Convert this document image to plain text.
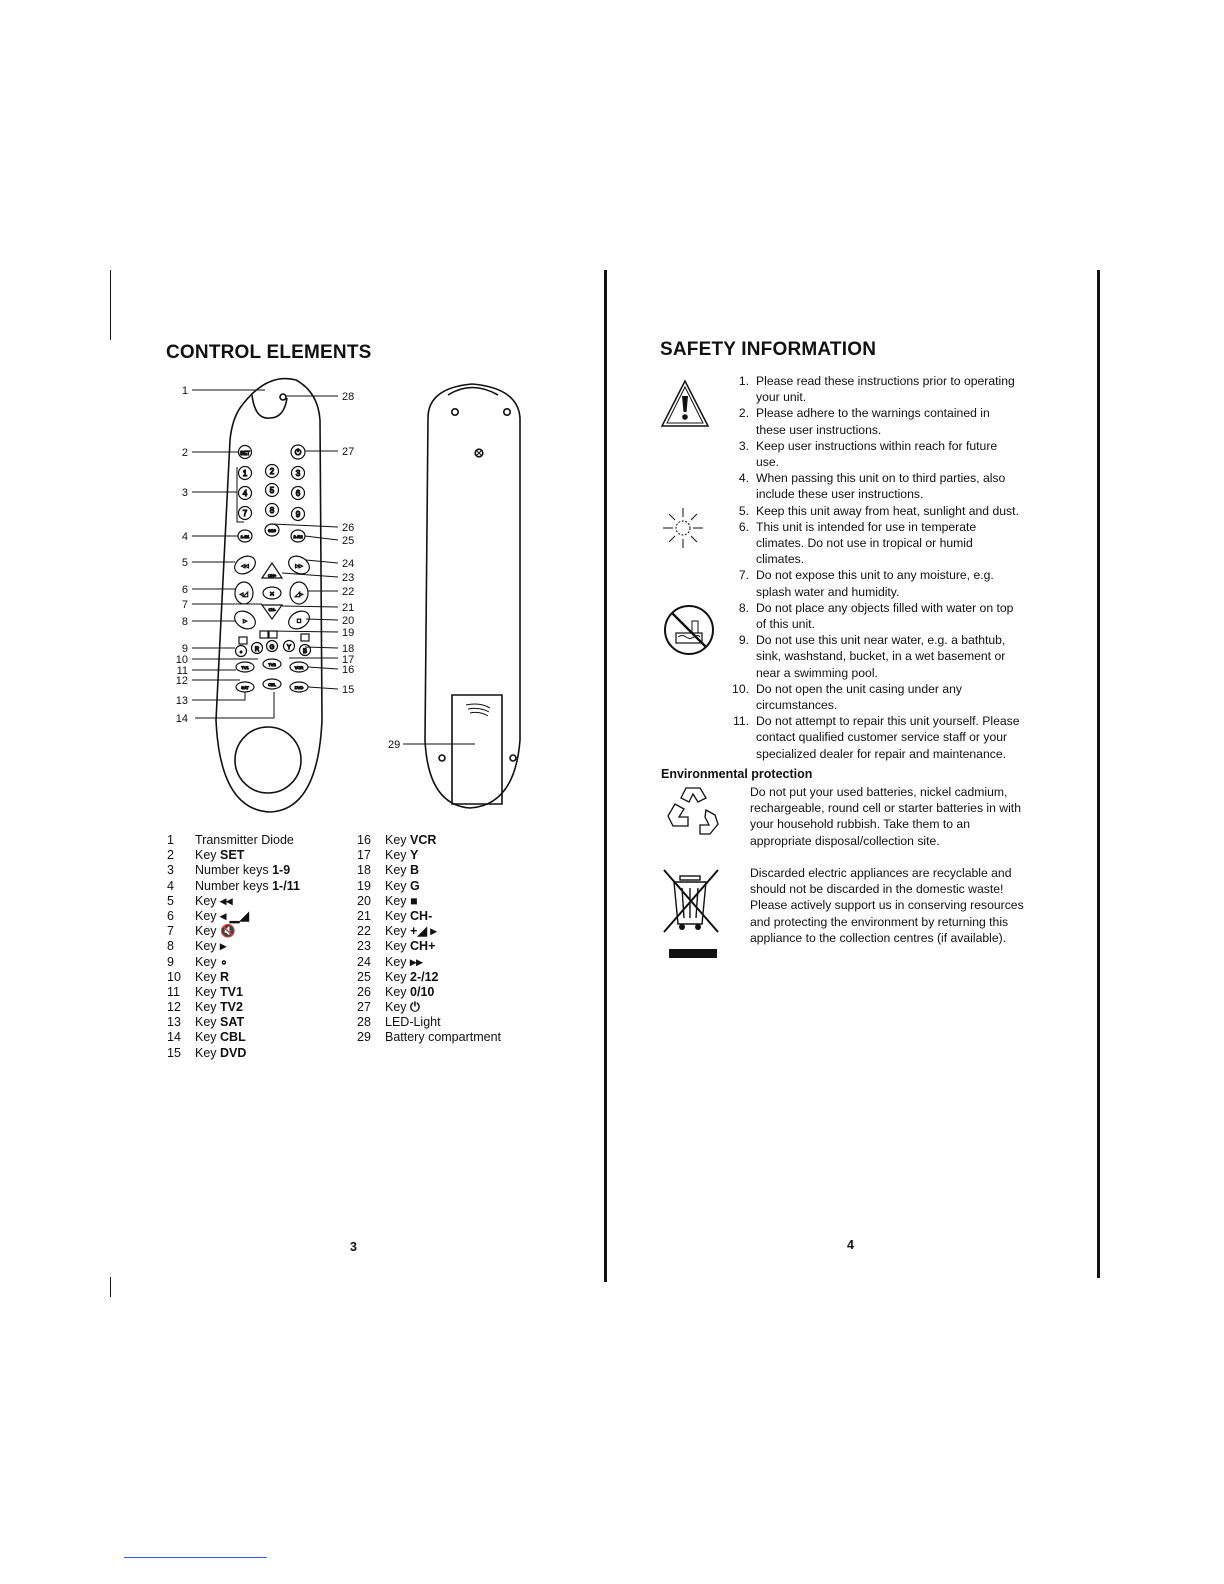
CONTROL ELEMENTS
SET	⏻
1	2	3
4	5	6
7	8	9
1-/11
0/10
2-/12
◂◂	▸▸
CH+
◂◢	✕	◢▸
CH-
▸	■
∘ R G Y
B
TV1
TV2
VCR
SAT
CBL
DVD
1
2
3
4
5
6
7
8
9
10
11
12
13
14
28
27
26
25
24
23
22
21
20
19
18
17
16
15
29
1	Transmitter Diode
2	Key SET
3	Number keys 1-9
4	Number keys 1-/11
5	Key ◂◂
6	Key ◂ ▁◢
7	Key 🔇
8	Key ▸
9	Key ∘
10	Key R
11	Key TV1
12	Key TV2
13	Key SAT
14	Key CBL
15	Key DVD
16	Key VCR
17	Key Y
18	Key B
19	Key G
20	Key ■
21	Key CH-
22	Key +◢ ▸
23	Key CH+
24	Key ▸▸
25	Key 2-/12
26	Key 0/10
27	Key ⏻
28	LED-Light
29	Battery compartment
3
SAFETY INFORMATION
1. Please read these instructions prior to operating your unit.
2. Please adhere to the warnings contained in these user instructions.
3. Keep user instructions within reach for future use.
4. When passing this unit on to third parties, also include these user instructions.
5. Keep this unit away from heat, sunlight and dust.
6. This unit is intended for use in temperate climates. Do not use in tropical or humid climates.
7. Do not expose this unit to any moisture, e.g. splash water and humidity.
8. Do not place any objects filled with water on top of this unit.
9. Do not use this unit near water, e.g. a bathtub, sink, washstand, bucket, in a wet basement or near a swimming pool.
10. Do not open the unit casing under any circumstances.
11. Do not attempt to repair this unit yourself. Please contact qualified customer service staff or your specialized dealer for repair and maintenance.
Environmental protection
Do not put your used batteries, nickel cadmium, rechargeable, round cell or starter batteries in with your household rubbish. Take them to an appropriate disposal/collection site.
Discarded electric appliances are recyclable and should not be discarded in the domestic waste! Please actively support us in conserving resources and protecting the environment by returning this appliance to the collection centres (if available).
4
